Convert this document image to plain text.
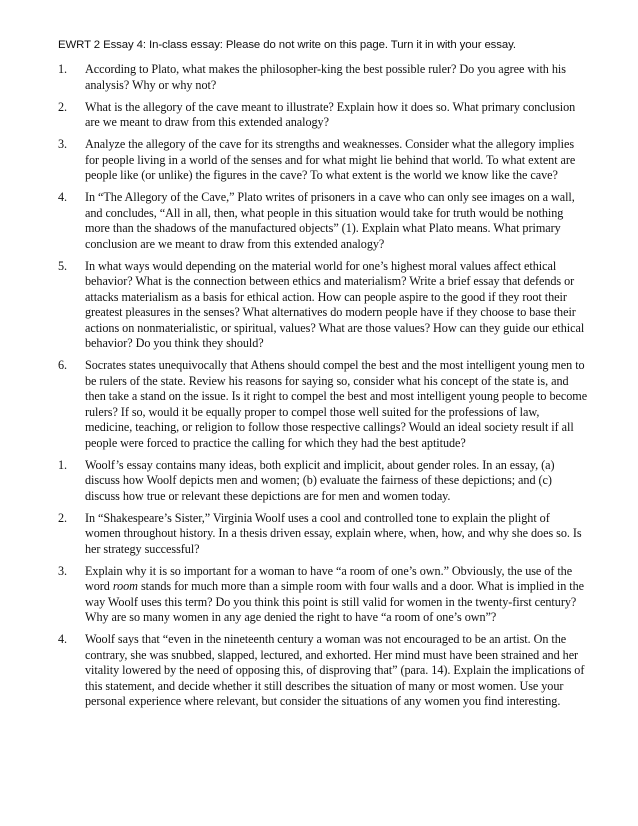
EWRT 2 Essay 4: In-class essay: Please do not write on this page. Turn it in with your essay.
1. According to Plato, what makes the philosopher-king the best possible ruler? Do you agree with his analysis? Why or why not?
2. What is the allegory of the cave meant to illustrate? Explain how it does so. What primary conclusion are we meant to draw from this extended analogy?
3. Analyze the allegory of the cave for its strengths and weaknesses. Consider what the allegory implies for people living in a world of the senses and for what might lie behind that world. To what extent are people like (or unlike) the figures in the cave? To what extent is the world we know like the cave?
4. In “The Allegory of the Cave,” Plato writes of prisoners in a cave who can only see images on a wall, and concludes, “All in all, then, what people in this situation would take for truth would be nothing more than the shadows of the manufactured objects” (1). Explain what Plato means. What primary conclusion are we meant to draw from this extended analogy?
5. In what ways would depending on the material world for one’s highest moral values affect ethical behavior? What is the connection between ethics and materialism? Write a brief essay that defends or attacks materialism as a basis for ethical action. How can people aspire to the good if they root their greatest pleasures in the senses? What alternatives do modern people have if they choose to base their actions on nonmaterialistic, or spiritual, values? What are those values? How can they guide our ethical behavior? Do you think they should?
6. Socrates states unequivocally that Athens should compel the best and the most intelligent young men to be rulers of the state. Review his reasons for saying so, consider what his concept of the state is, and then take a stand on the issue. Is it right to compel the best and most intelligent young people to become rulers? If so, would it be equally proper to compel those well suited for the professions of law, medicine, teaching, or religion to follow those respective callings? Would an ideal society result if all people were forced to practice the calling for which they had the best aptitude?
1. Woolf’s essay contains many ideas, both explicit and implicit, about gender roles. In an essay, (a) discuss how Woolf depicts men and women; (b) evaluate the fairness of these depictions; and (c) discuss how true or relevant these depictions are for men and women today.
2. In “Shakespeare’s Sister,” Virginia Woolf uses a cool and controlled tone to explain the plight of women throughout history. In a thesis driven essay, explain where, when, how, and why she does so. Is her strategy successful?
3. Explain why it is so important for a woman to have “a room of one’s own.” Obviously, the use of the word room stands for much more than a simple room with four walls and a door. What is implied in the way Woolf uses this term? Do you think this point is still valid for women in the twenty-first century? Why are so many women in any age denied the right to have “a room of one’s own”?
4. Woolf says that “even in the nineteenth century a woman was not encouraged to be an artist. On the contrary, she was snubbed, slapped, lectured, and exhorted. Her mind must have been strained and her vitality lowered by the need of opposing this, of disproving that” (para. 14). Explain the implications of this statement, and decide whether it still describes the situation of many or most women. Use your personal experience where relevant, but consider the situations of any women you find interesting.
